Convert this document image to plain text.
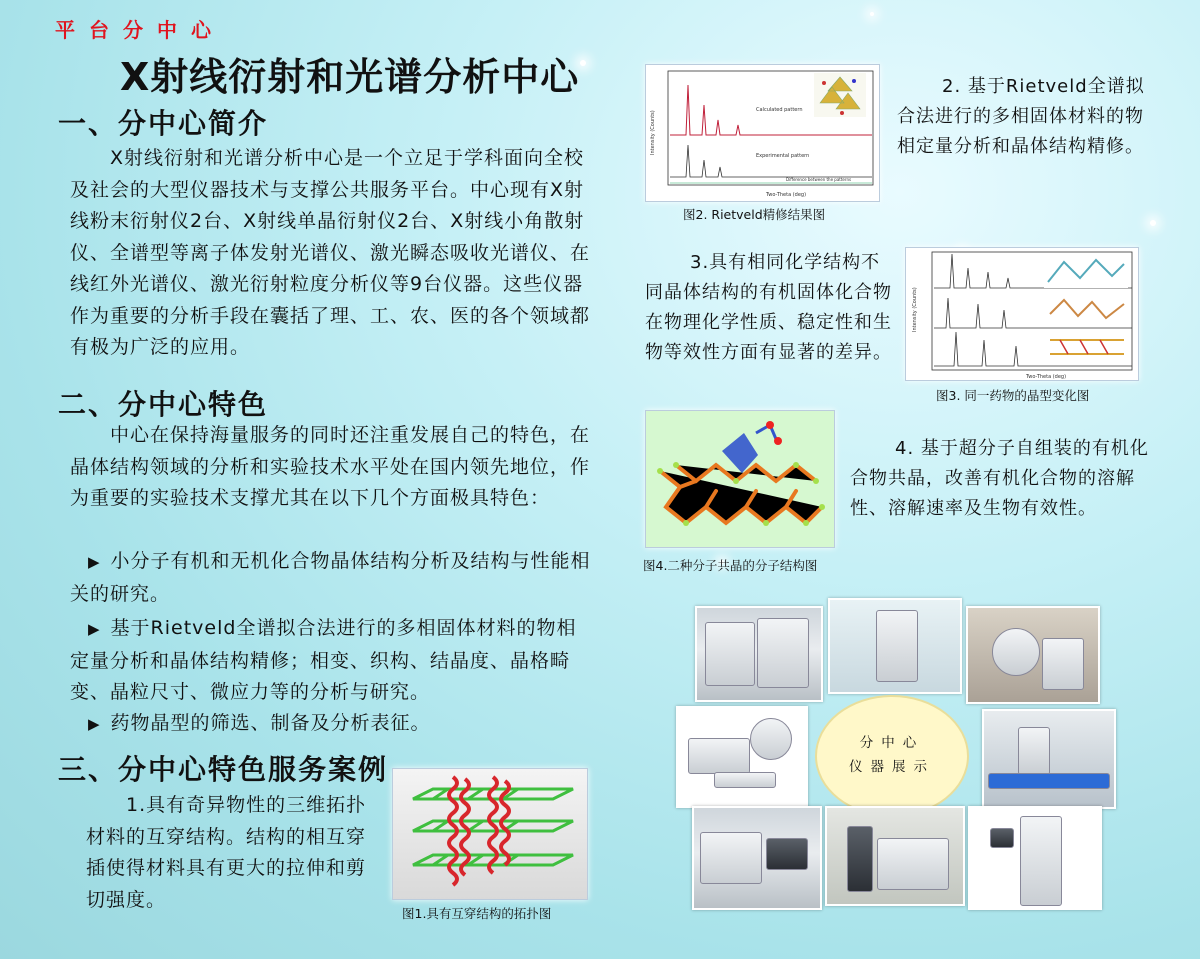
平台分中心
X射线衍射和光谱分析中心
一、分中心简介
　　X射线衍射和光谱分析中心是一个立足于学科面向全校及社会的大型仪器技术与支撑公共服务平台。中心现有X射线粉末衍射仪2台、X射线单晶衍射仪2台、X射线小角散射仪、全谱型等离子体发射光谱仪、激光瞬态吸收光谱仪、在线红外光谱仪、激光衍射粒度分析仪等9台仪器。这些仪器作为重要的分析手段在囊括了理、工、农、医的各个领域都有极为广泛的应用。
二、分中心特色
　　中心在保持海量服务的同时还注重发展自己的特色，在晶体结构领域的分析和实验技术水平处在国内领先地位，作为重要的实验技术支撑尤其在以下几个方面极具特色：
▶ 小分子有机和无机化合物晶体结构分析及结构与性能相关的研究。
▶ 基于Rietveld全谱拟合法进行的多相固体材料的物相定量分析和晶体结构精修；相变、织构、结晶度、晶格畸变、晶粒尺寸、微应力等的分析与研究。
▶ 药物晶型的筛选、制备及分析表征。
三、分中心特色服务案例
1.具有奇异物性的三维拓扑材料的互穿结构。结构的相互穿插使得材料具有更大的拉伸和剪切强度。
图1.具有互穿结构的拓扑图
Calculated pattern
Experimental pattern
Difference between the patterns
Two-Theta (deg)
Intensity (Counts)
图2. Rietveld精修结果图
2. 基于Rietveld全谱拟合法进行的多相固体材料的物相定量分析和晶体结构精修。
3.具有相同化学结构不同晶体结构的有机固体化合物在物理化学性质、稳定性和生物等效性方面有显著的差异。
Two-Theta (deg)
Intensity (Counts)
图3. 同一药物的晶型变化图
图4.二种分子共晶的分子结构图
4. 基于超分子自组装的有机化合物共晶，改善有机化合物的溶解性、溶解速率及生物有效性。
分中心
仪器展示
